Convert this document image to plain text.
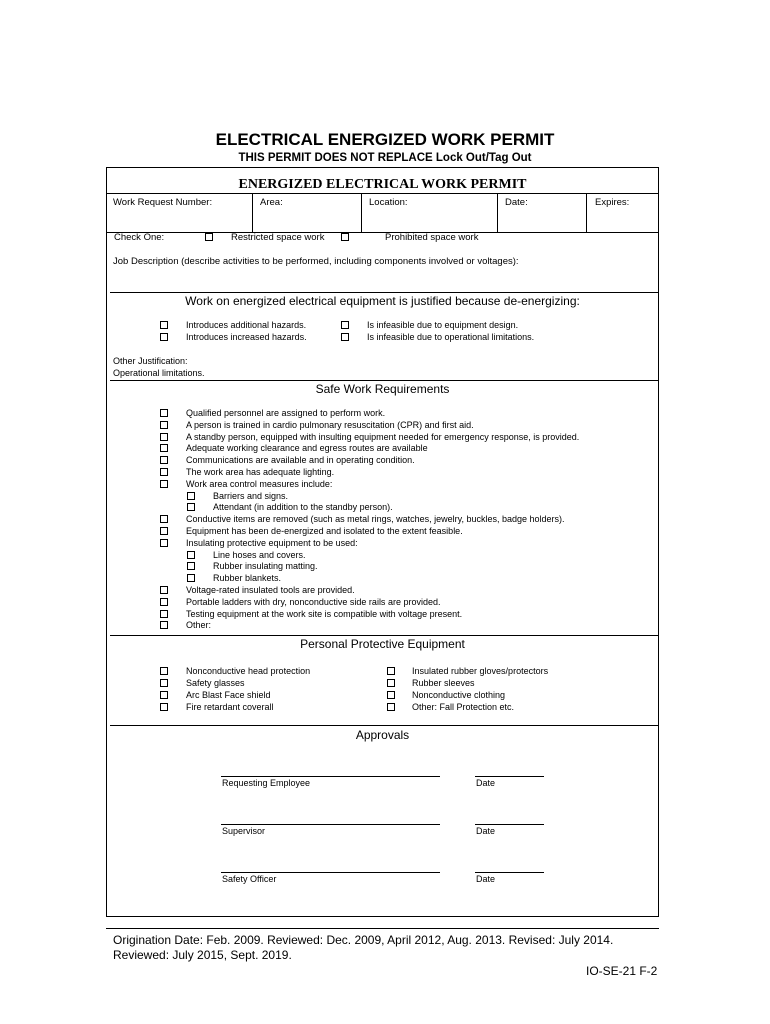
ELECTRICAL ENERGIZED WORK PERMIT
THIS PERMIT DOES NOT REPLACE Lock Out/Tag Out
ENERGIZED ELECTRICAL WORK PERMIT
Work Request Number:	Area:	Location:	Date:	Expires:
Check One:	Restricted space work	Prohibited space work
Job Description (describe activities to be performed, including components involved or voltages):
Work on energized electrical equipment is justified because de-energizing:
Introduces additional hazards.
Introduces increased hazards.
Is infeasible due to equipment design.
Is infeasible due to operational limitations.
Other Justification:
Operational limitations.
Safe Work Requirements
Qualified personnel are assigned to perform work.
A person is trained in cardio pulmonary resuscitation (CPR) and first aid.
A standby person, equipped with insulting equipment needed for emergency response, is provided.
Adequate working clearance and egress routes are available
Communications are available and in operating condition.
The work area has adequate lighting.
Work area control measures include:
Barriers and signs.
Attendant (in addition to the standby person).
Conductive items are removed (such as metal rings, watches, jewelry, buckles, badge holders).
Equipment has been de-energized and isolated to the extent feasible.
Insulating protective equipment to be used:
Line hoses and covers.
Rubber insulating matting.
Rubber blankets.
Voltage-rated insulated tools are provided.
Portable ladders with dry, nonconductive side rails are provided.
Testing equipment at the work site is compatible with voltage present.
Other:
Personal Protective Equipment
Nonconductive head protection
Safety glasses
Arc Blast Face shield
Fire retardant coverall
Insulated rubber gloves/protectors
Rubber sleeves
Nonconductive clothing
Other: Fall Protection etc.
Approvals
Requesting Employee	Date
Supervisor	Date
Safety Officer	Date
Origination Date: Feb. 2009. Reviewed: Dec. 2009, April 2012, Aug. 2013. Revised: July 2014.
Reviewed: July 2015, Sept. 2019.
IO-SE-21 F-2
